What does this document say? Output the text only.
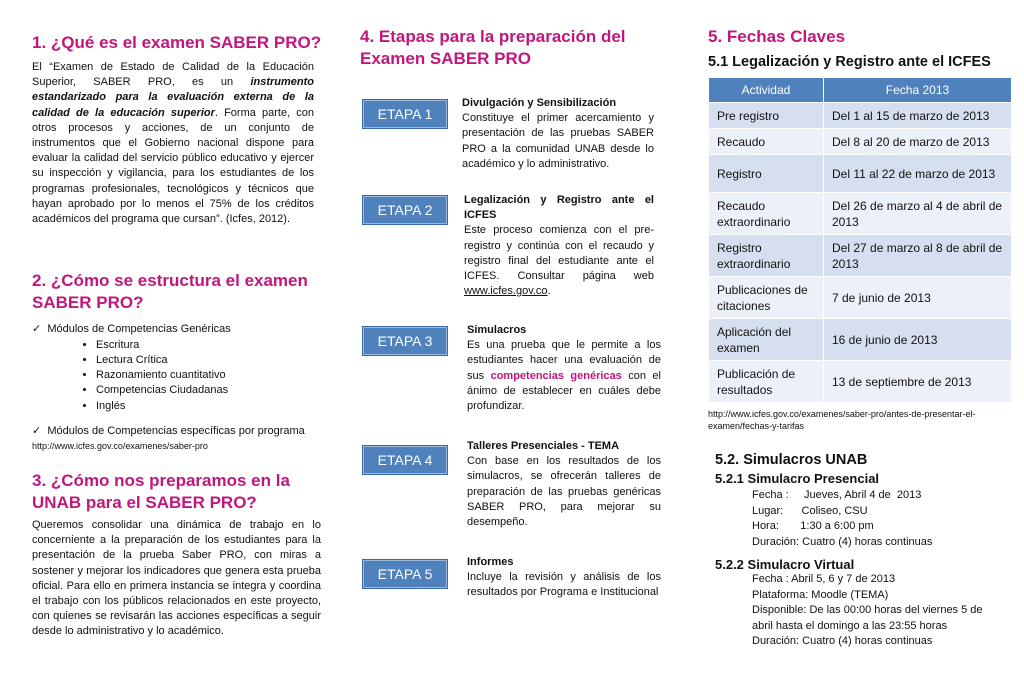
1. ¿Qué es el examen SABER PRO?

El “Examen de Estado de Calidad de la Educación Superior, SABER PRO, es un instrumento estandarizado para la evaluación externa de la calidad de la educación superior. Forma parte, con otros procesos y acciones, de un conjunto de instrumentos que el Gobierno nacional dispone para evaluar la calidad del servicio público educativo y ejercer su inspección y vigilancia, para los estudiantes de los programas profesionales, tecnológicos y técnicos que hayan aprobado por lo menos el 75% de los créditos académicos del programa que cursan”. (Icfes, 2012).

2. ¿Cómo se estructura el examen SABER PRO?
✓ Módulos de Competencias Genéricas
• Escritura
• Lectura Crítica
• Razonamiento cuantitativo
• Competencias Ciudadanas
• Inglés
✓ Módulos de Competencias específicas por programa
http://www.icfes.gov.co/examenes/saber-pro
3. ¿Cómo nos preparamos en la UNAB para el SABER PRO?

Queremos consolidar una dinámica de trabajo en lo concerniente a la preparación de los estudiantes para la presentación de la prueba Saber PRO, con miras a sostener y mejorar los indicadores que genera esta prueba oficial. Para ello en primera instancia se integra y coordina el trabajo con los públicos relacionados en este proyecto, con quienes se revisarán las acciones específicas a seguir desde lo administrativo y lo académico.

4. Etapas para la preparación del Examen SABER PRO
ETAPA 1
Divulgación y Sensibilización
Constituye el primer acercamiento y presentación de las pruebas SABER PRO a la comunidad UNAB desde lo académico y lo administrativo.
ETAPA 2
Legalización y Registro ante el ICFES
Este proceso comienza con el pre-registro y continúa con el recaudo y registro final del estudiante ante el ICFES. Consultar página web www.icfes.gov.co.
ETAPA 3
Simulacros
Es una prueba que le permite a los estudiantes hacer una evaluación de sus competencias genéricas con el ánimo de establecer en cuáles debe profundizar.
ETAPA 4
Talleres Presenciales - TEMA
Con base en los resultados de los simulacros, se ofrecerán talleres de preparación de las pruebas genéricas SABER PRO, para mejorar su desempeño.
ETAPA 5
Informes
Incluye la revisión y análisis de los resultados por Programa e Institucional
5. Fechas Claves
5.1 Legalización y Registro ante el ICFES
Actividad	Fecha 2013
Pre registro	Del 1 al 15 de marzo de 2013
Recaudo	Del 8 al 20 de marzo de 2013
Registro	Del 11 al 22 de marzo de 2013
Recaudo extraordinario	Del 26 de marzo al 4 de abril de 2013
Registro extraordinario	Del 27 de marzo al 8 de abril de 2013
Publicaciones de citaciones	7 de junio de 2013
Aplicación del examen	16 de junio de 2013
Publicación de resultados	13 de septiembre de 2013
http://www.icfes.gov.co/examenes/saber-pro/antes-de-presentar-el-examen/fechas-y-tarifas
5.2. Simulacros UNAB
5.2.1 Simulacro Presencial
Fecha :     Jueves, Abril 4 de  2013
Lugar:      Coliseo, CSU
Hora:       1:30 a 6:00 pm
Duración: Cuatro (4) horas continuas
5.2.2 Simulacro Virtual
Fecha : Abril 5, 6 y 7 de 2013
Plataforma: Moodle (TEMA)
Disponible: De las 00:00 horas del viernes 5 de abril hasta el domingo a las 23:55 horas
Duración: Cuatro (4) horas continuas
